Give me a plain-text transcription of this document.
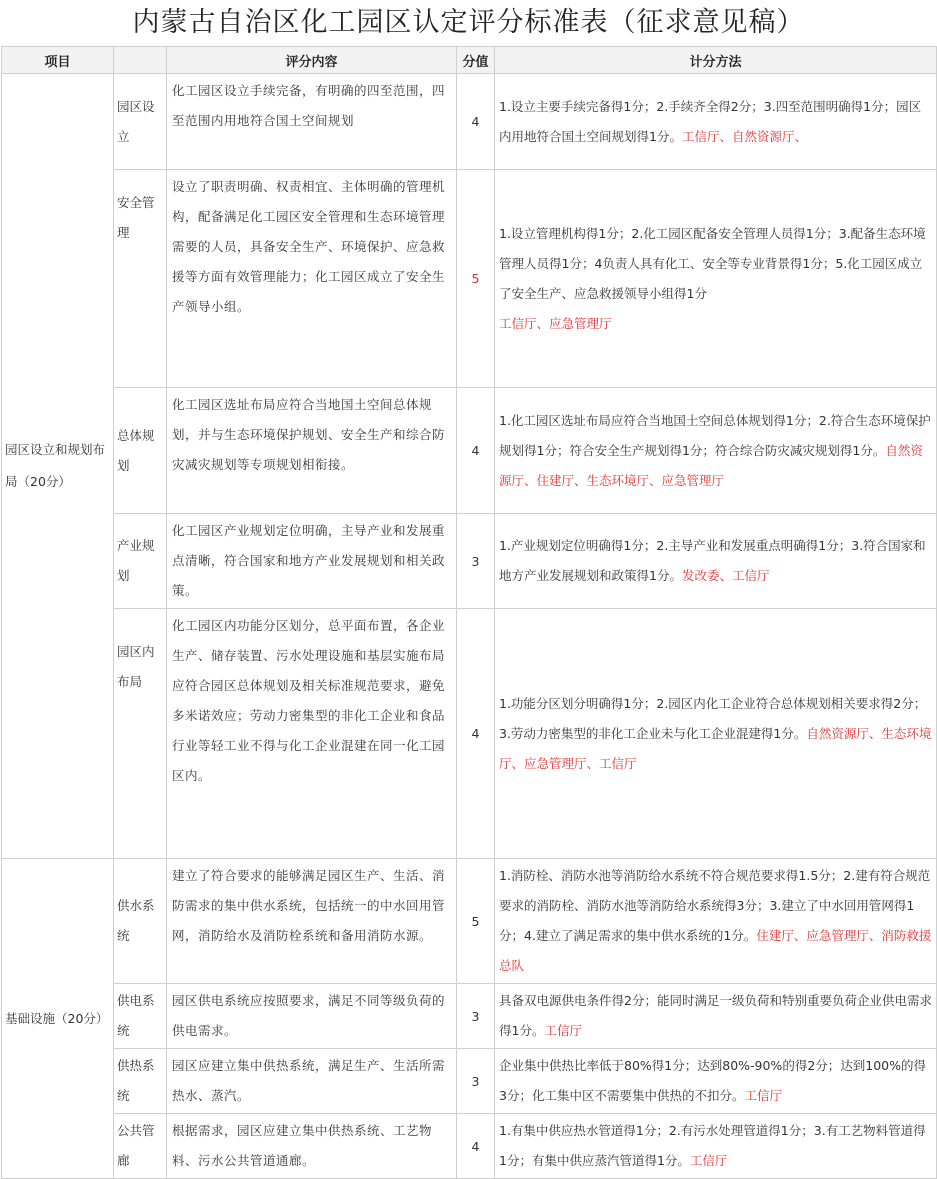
内蒙古自治区化工园区认定评分标准表（征求意见稿）
项目		评分内容	分值	计分方法
园区设立和规划布局（20分）	园区设立	化工园区设立手续完备，有明确的四至范围，四至范围内用地符合国土空间规划	4	1.设立主要手续完备得1分；2.手续齐全得2分；3.四至范围明确得1分；园区内用地符合国土空间规划得1分。工信厅、自然资源厅、
	安全管理	设立了职责明确、权责相宜、主体明确的管理机构，配备满足化工园区安全管理和生态环境管理需要的人员，具备安全生产、环境保护、应急救援等方面有效管理能力；化工园区成立了安全生产领导小组。	5	1.设立管理机构得1分；2.化工园区配备安全管理人员得1分；3.配备生态环境管理人员得1分；4负责人具有化工、安全等专业背景得1分；5.化工园区成立了安全生产、应急救援领导小组得1分
工信厅、应急管理厅
	总体规划	化工园区选址布局应符合当地国土空间总体规划，并与生态环境保护规划、安全生产和综合防灾减灾规划等专项规划相衔接。	4	1.化工园区选址布局应符合当地国土空间总体规划得1分；2.符合生态环境保护规划得1分；符合安全生产规划得1分；符合综合防灾减灾规划得1分。自然资源厅、住建厅、生态环境厅、应急管理厅
	产业规划	化工园区产业规划定位明确，主导产业和发展重点清晰，符合国家和地方产业发展规划和相关政策。	3	1.产业规划定位明确得1分；2.主导产业和发展重点明确得1分；3.符合国家和地方产业发展规划和政策得1分。发改委、工信厅
	园区内布局	化工园区内功能分区划分，总平面布置，各企业生产、储存装置、污水处理设施和基层实施布局应符合园区总体规划及相关标准规范要求，避免多米诺效应；劳动力密集型的非化工企业和食品行业等轻工业不得与化工企业混建在同一化工园区内。	4	1.功能分区划分明确得1分；2.园区内化工企业符合总体规划相关要求得2分；3.劳动力密集型的非化工企业未与化工企业混建得1分。自然资源厅、生态环境厅、应急管理厅、工信厅
基础设施（20分）	供水系统	建立了符合要求的能够满足园区生产、生活、消防需求的集中供水系统，包括统一的中水回用管网，消防给水及消防栓系统和备用消防水源。	5	1.消防栓、消防水池等消防给水系统不符合规范要求得1.5分；2.建有符合规范要求的消防栓、消防水池等消防给水系统得3分；3.建立了中水回用管网得1分；4.建立了满足需求的集中供水系统的1分。住建厅、应急管理厅、消防救援总队
	供电系统	园区供电系统应按照要求，满足不同等级负荷的供电需求。	3	具备双电源供电条件得2分；能同时满足一级负荷和特别重要负荷企业供电需求得1分。工信厅
	供热系统	园区应建立集中供热系统，满足生产、生活所需热水、蒸汽。	3	企业集中供热比率低于80%得1分；达到80%-90%的得2分；达到100%的得3分；化工集中区不需要集中供热的不扣分。工信厅
	公共管廊	根据需求，园区应建立集中供热系统、工艺物料、污水公共管道通廊。	4	1.有集中供应热水管道得1分；2.有污水处理管道得1分；3.有工艺物料管道得1分；有集中供应蒸汽管道得1分。工信厅
